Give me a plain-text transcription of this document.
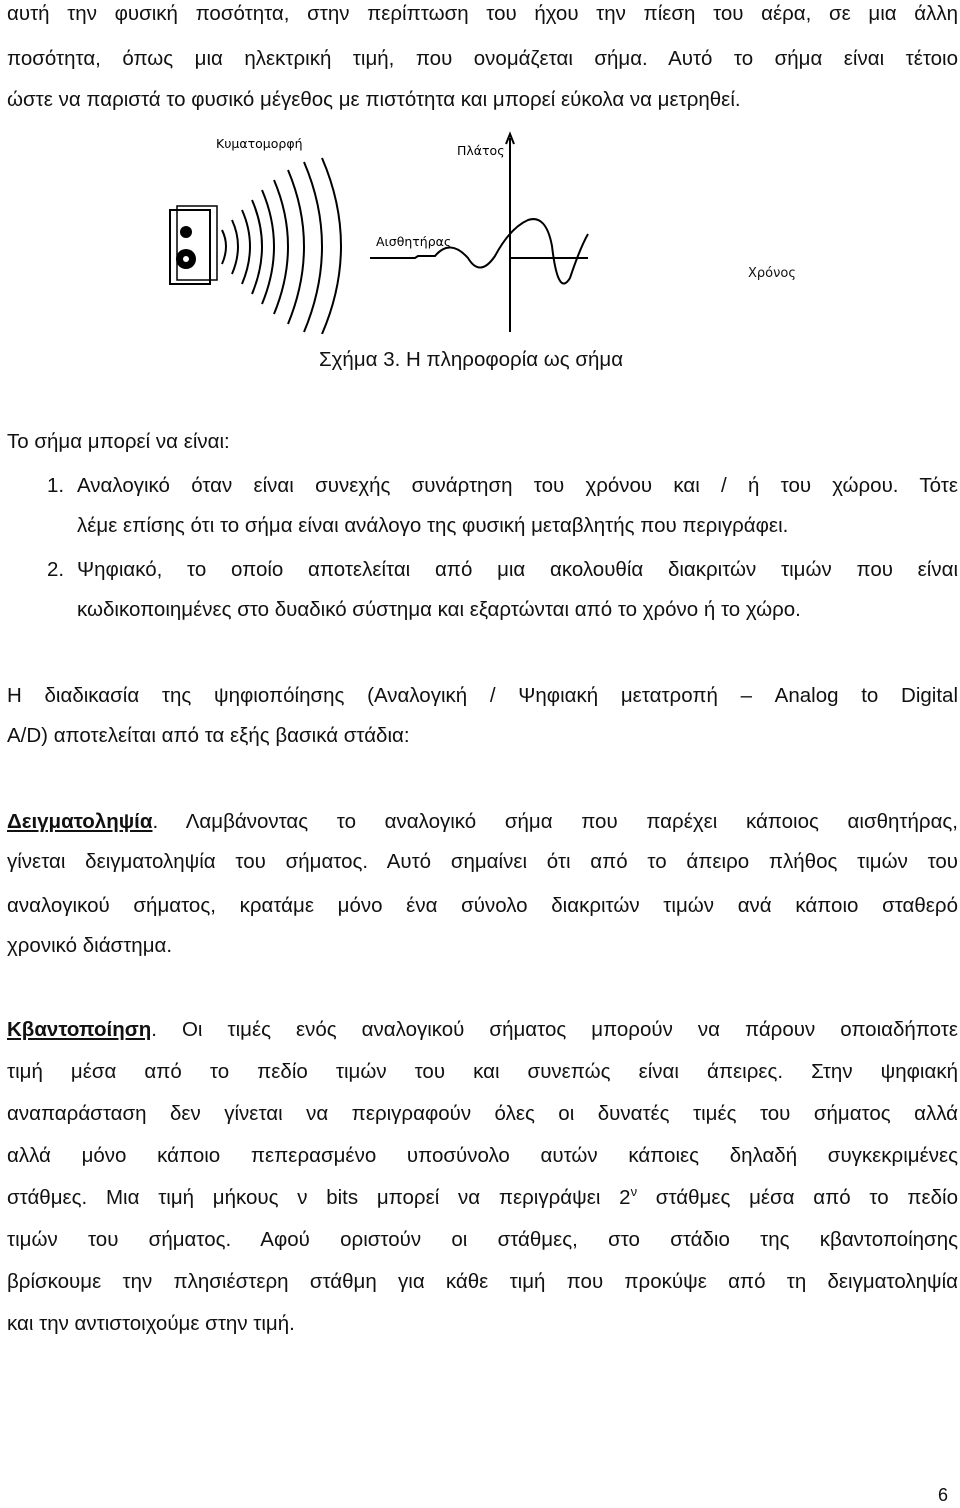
αυτή την φυσική ποσότητα, στην περίπτωση του ήχου την πίεση του αέρα, σε μια άλλη
ποσότητα, όπως μια ηλεκτρική τιμή, που ονομάζεται σήμα. Αυτό το σήμα είναι τέτοιο
ώστε να παριστά το φυσικό μέγεθος με πιστότητα και μπορεί εύκολα να μετρηθεί.
Κυματομορφή	Πλάτος
Αισθητήρας
Χρόνος
Σχήμα 3. Η πληροφορία ως σήμα
Το σήμα μπορεί να είναι:
1. Αναλογικό όταν είναι συνεχής συνάρτηση του χρόνου και / ή του χώρου. Τότε
λέμε επίσης ότι το σήμα είναι ανάλογο της φυσική μεταβλητής που περιγράφει.
2. Ψηφιακό, το οποίο αποτελείται από μια ακολουθία διακριτών τιμών που είναι
κωδικοποιημένες στο δυαδικό σύστημα και εξαρτώνται από το χρόνο ή το χώρο.
Η διαδικασία της ψηφιοπόίησης (Αναλογική / Ψηφιακή μετατροπή – Analog to Digital
A/D) αποτελείται από τα εξής βασικά στάδια:
Δειγματοληψία. Λαμβάνοντας το αναλογικό σήμα που παρέχει κάποιος αισθητήρας,
γίνεται δειγματοληψία του σήματος. Αυτό σημαίνει ότι από το άπειρο πλήθος τιμών του
αναλογικού σήματος, κρατάμε μόνο ένα σύνολο διακριτών τιμών ανά κάποιο σταθερό
χρονικό διάστημα.
Κβαντοποίηση. Οι τιμές ενός αναλογικού σήματος μπορούν να πάρουν οποιαδήποτε
τιμή μέσα από το πεδίο τιμών του και συνεπώς είναι άπειρες. Στην ψηφιακή
αναπαράσταση δεν γίνεται να περιγραφούν όλες οι δυνατές τιμές του σήματος αλλά
αλλά μόνο κάποιο πεπερασμένο υποσύνολο αυτών κάποιες δηλαδή συγκεκριμένες
στάθμες. Μια τιμή μήκους ν bits μπορεί να περιγράψει $2^\nu$ στάθμες μέσα από το πεδίο
τιμών του σήματος. Αφού οριστούν οι στάθμες, στο στάδιο της κβαντοποίησης
βρίσκουμε την πλησιέστερη στάθμη για κάθε τιμή που προκύψε από τη δειγματοληψία
και την αντιστοιχούμε στην τιμή.
6
